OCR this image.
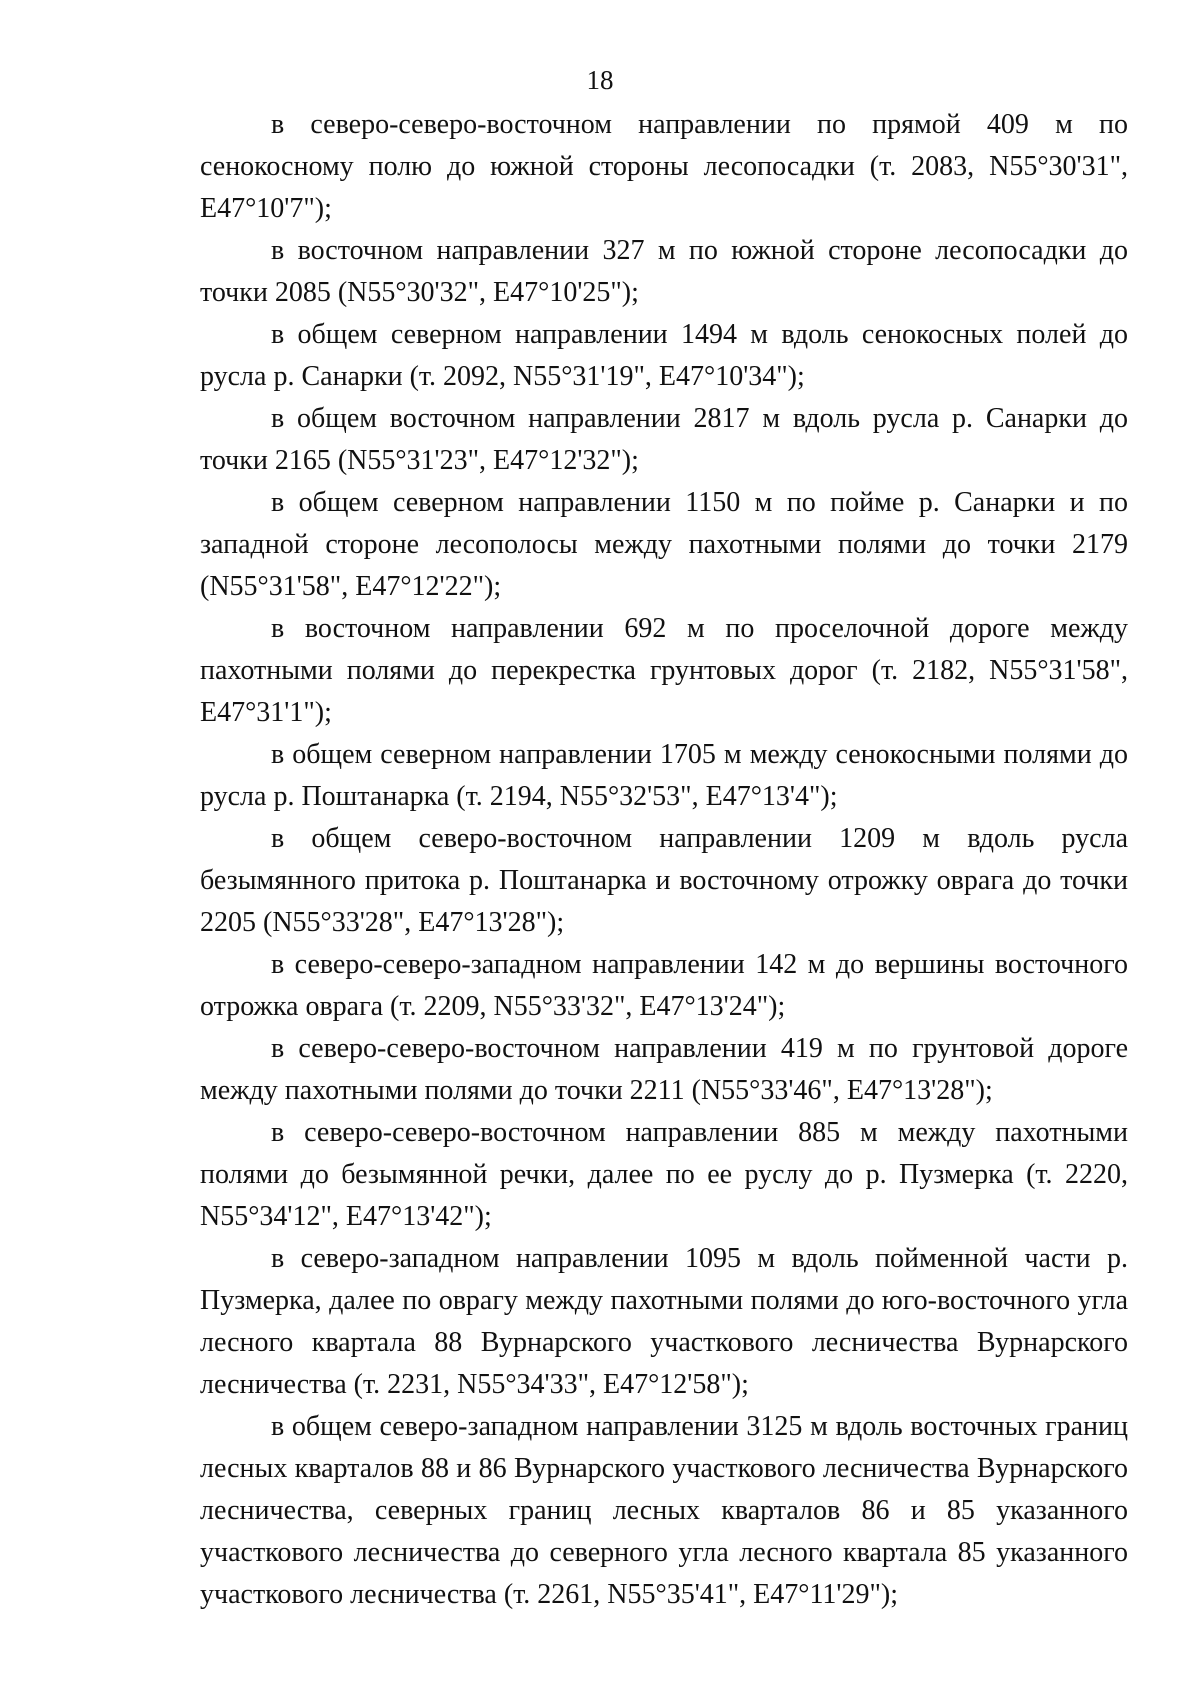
18

в северо-северо-восточном направлении по прямой 409 м по сенокосному полю до южной стороны лесопосадки (т. 2083, N55°30'31", E47°10'7");

в восточном направлении 327 м по южной стороне лесопосадки до точки 2085 (N55°30'32", E47°10'25");

в общем северном направлении 1494 м вдоль сенокосных полей до русла р. Санарки (т. 2092, N55°31'19", E47°10'34");

в общем восточном направлении 2817 м вдоль русла р. Санарки до точки 2165 (N55°31'23", E47°12'32");

в общем северном направлении 1150 м по пойме р. Санарки и по западной стороне лесополосы между пахотными полями до точки 2179 (N55°31'58", E47°12'22");

в восточном направлении 692 м по проселочной дороге между пахотными полями до перекрестка грунтовых дорог (т. 2182, N55°31'58", E47°31'1");

в общем северном направлении 1705 м между сенокосными полями до русла р. Поштанарка (т. 2194, N55°32'53", E47°13'4");

в общем северо-восточном направлении 1209 м вдоль русла безымянного притока р. Поштанарка и восточному отрожку оврага до точки 2205 (N55°33'28", E47°13'28");

в северо-северо-западном направлении 142 м до вершины восточного отрожка оврага (т. 2209, N55°33'32", E47°13'24");

в северо-северо-восточном направлении 419 м по грунтовой дороге между пахотными полями до точки 2211 (N55°33'46", E47°13'28");

в северо-северо-восточном направлении 885 м между пахотными полями до безымянной речки, далее по ее руслу до р. Пузмерка (т. 2220, N55°34'12", E47°13'42");

в северо-западном направлении 1095 м вдоль пойменной части р. Пузмерка, далее по оврагу между пахотными полями до юго-восточного угла лесного квартала 88 Вурнарского участкового лесничества Вурнарского лесничества (т. 2231, N55°34'33", E47°12'58");

в общем северо-западном направлении 3125 м вдоль восточных границ лесных кварталов 88 и 86 Вурнарского участкового лесничества Вурнарского лесничества, северных границ лесных кварталов 86 и 85 указанного участкового лесничества до северного угла лесного квартала 85 указанного участкового лесничества (т. 2261, N55°35'41", E47°11'29");
